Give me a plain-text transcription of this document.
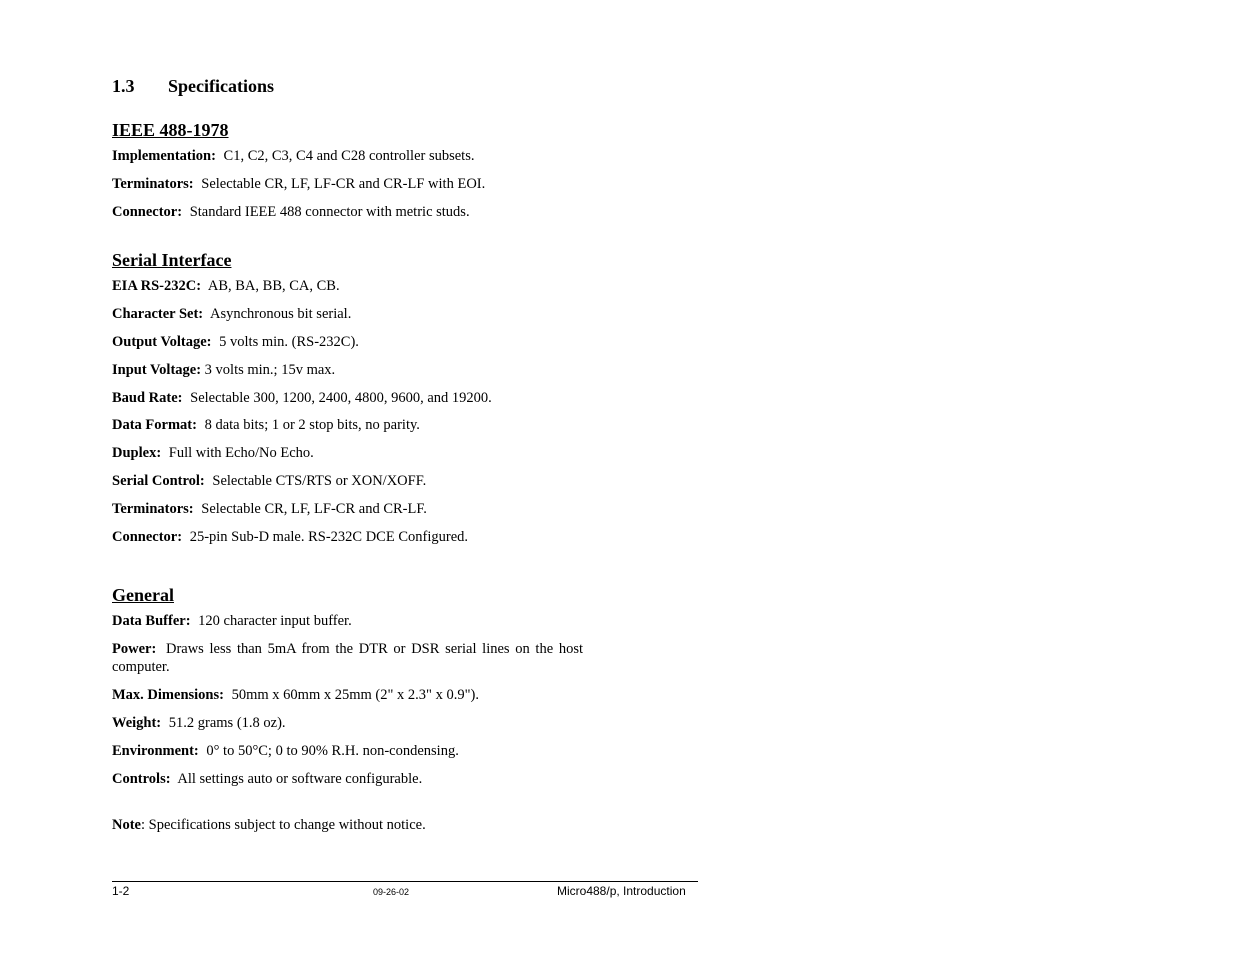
1.3 Specifications
IEEE 488-1978

Implementation: C1, C2, C3, C4 and C28 controller subsets.

Terminators: Selectable CR, LF, LF-CR and CR-LF with EOI.

Connector: Standard IEEE 488 connector with metric studs.

Serial Interface

EIA RS-232C: AB, BA, BB, CA, CB.

Character Set: Asynchronous bit serial.

Output Voltage: 5 volts min. (RS-232C).

Input Voltage: 3 volts min.; 15v max.

Baud Rate: Selectable 300, 1200, 2400, 4800, 9600, and 19200.

Data Format: 8 data bits; 1 or 2 stop bits, no parity.

Duplex: Full with Echo/No Echo.

Serial Control: Selectable CTS/RTS or XON/XOFF.

Terminators: Selectable CR, LF, LF-CR and CR-LF.

Connector: 25-pin Sub-D male. RS-232C DCE Configured.

General

Data Buffer: 120 character input buffer.

Power: Draws less than 5mA from the DTR or DSR serial lines on the host computer.

Max. Dimensions: 50mm x 60mm x 25mm (2" x 2.3" x 0.9").

Weight: 51.2 grams (1.8 oz).

Environment: 0° to 50°C; 0 to 90% R.H. non-condensing.

Controls: All settings auto or software configurable.

Note: Specifications subject to change without notice.

1-2	09-26-02	Micro488/p, Introduction
